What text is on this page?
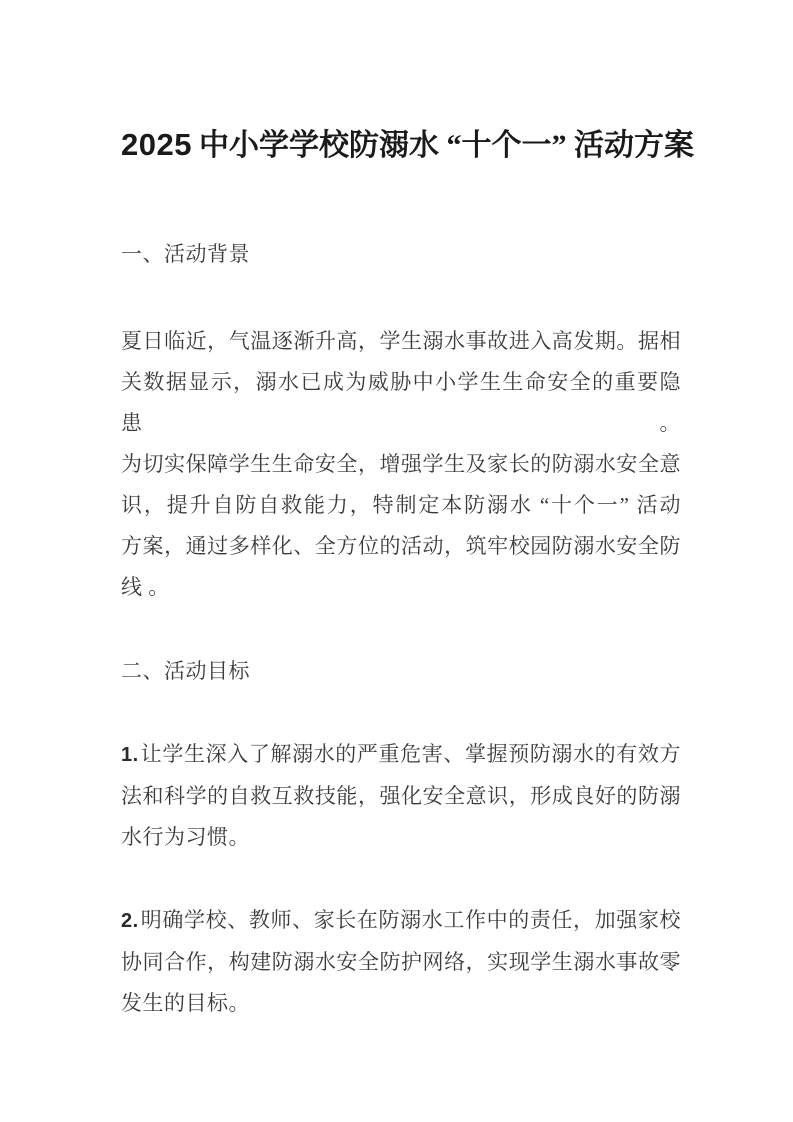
2025 中小学学校防溺水 “十个一” 活动方案
一、活动背景
夏日临近，气温逐渐升高，学生溺水事故进入高发期。据相
关数据显示，溺水已成为威胁中小学生生命安全的重要隐患。
为切实保障学生生命安全，增强学生及家长的防溺水安全意
识，提升自防自救能力，特制定本防溺水 “十个一” 活动
方案，通过多样化、全方位的活动，筑牢校园防溺水安全防
线 。
二、活动目标
1.让学生深入了解溺水的严重危害、掌握预防溺水的有效方
法和科学的自救互救技能，强化安全意识，形成良好的防溺
水行为习惯。
2.明确学校、教师、家长在防溺水工作中的责任，加强家校
协同合作，构建防溺水安全防护网络，实现学生溺水事故零
发生的目标。
